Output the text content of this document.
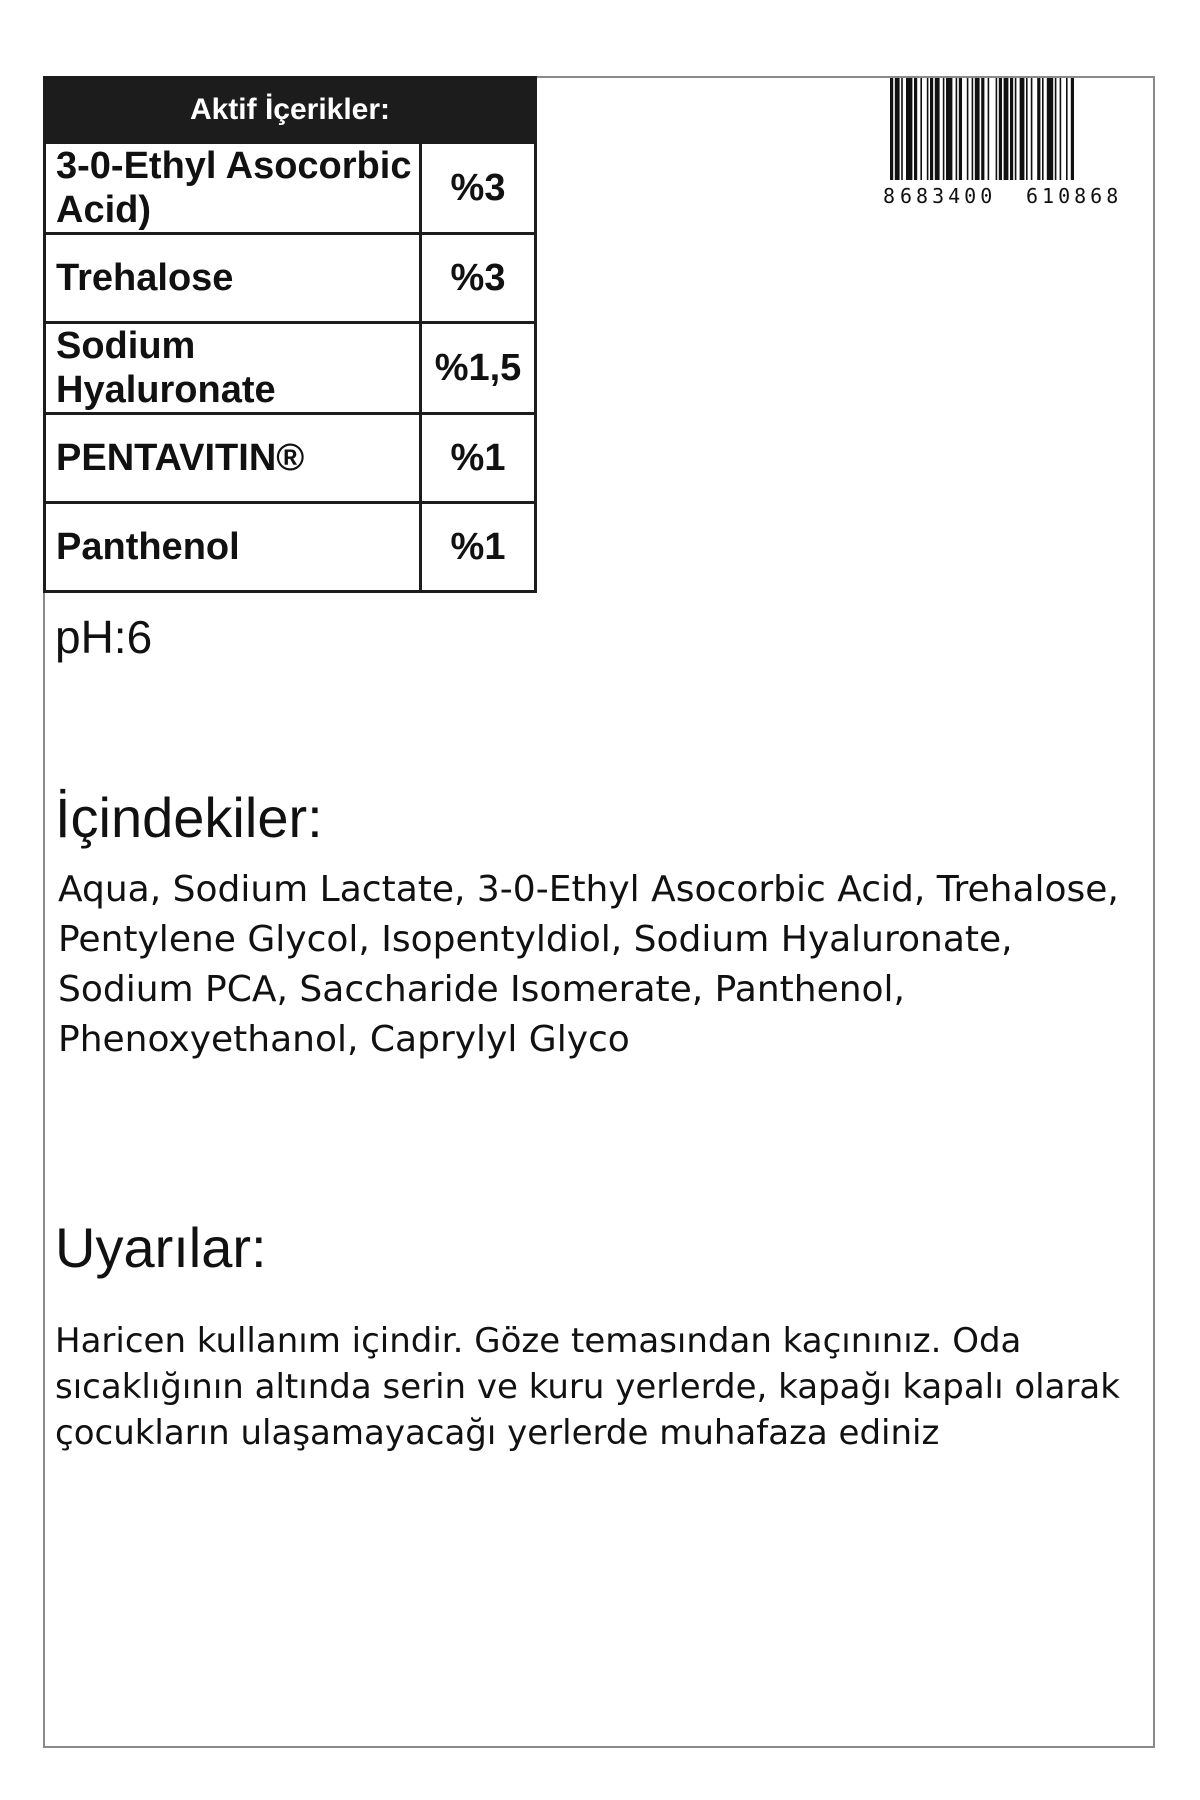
Aktif İçerikler:	
3-0-Ethyl Asocorbic Acid)	%3
Trehalose	%3
Sodium Hyaluronate	%1,5
PENTAVITIN®	%1
Panthenol	%1
pH:6
İçindekiler:
Aqua, Sodium Lactate, 3-0-Ethyl Asocorbic Acid, Trehalose, Pentylene Glycol, Isopentyldiol, Sodium Hyaluronate, Sodium PCA, Saccharide Isomerate, Panthenol, Phenoxyethanol, Caprylyl Glyco
Uyarılar:
Haricen kullanım içindir. Göze temasından kaçınınız. Oda sıcaklığının altında serin ve kuru yerlerde, kapağı kapalı olarak çocukların ulaşamayacağı yerlerde muhafaza ediniz
8 683400 610868
